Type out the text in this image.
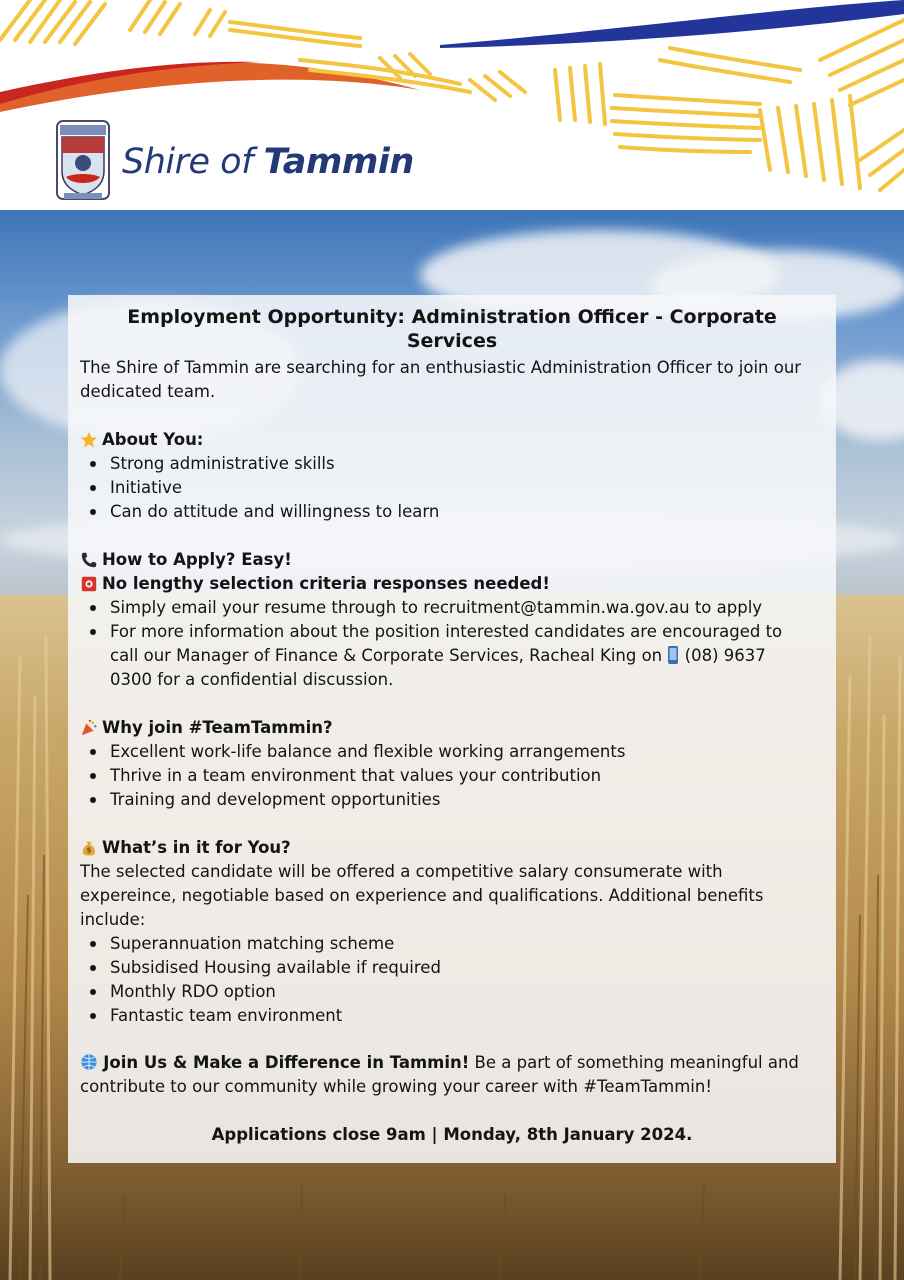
Shire of Tammin
Employment Opportunity: Administration Officer - Corporate Services
The Shire of Tammin are searching for an enthusiastic Administration Officer to join our dedicated team.
About You:
Strong administrative skills
Initiative
Can do attitude and willingness to learn
How to Apply? Easy!
No lengthy selection criteria responses needed!
Simply email your resume through to recruitment@tammin.wa.gov.au to apply
For more information about the position interested candidates are encouraged to
call our Manager of Finance & Corporate Services, Racheal King on (08) 9637
0300 for a confidential discussion.
Why join #TeamTammin?
Excellent work-life balance and flexible working arrangements
Thrive in a team environment that values your contribution
Training and development opportunities
$ What’s in it for You?
The selected candidate will be offered a competitive salary consumerate with expereince, negotiable based on experience and qualifications. Additional benefits include:
Superannuation matching scheme
Subsidised Housing available if required
Monthly RDO option
Fantastic team environment
Join Us & Make a Difference in Tammin! Be a part of something meaningful and
contribute to our community while growing your career with #TeamTammin!
Applications close 9am | Monday, 8th January 2024.
